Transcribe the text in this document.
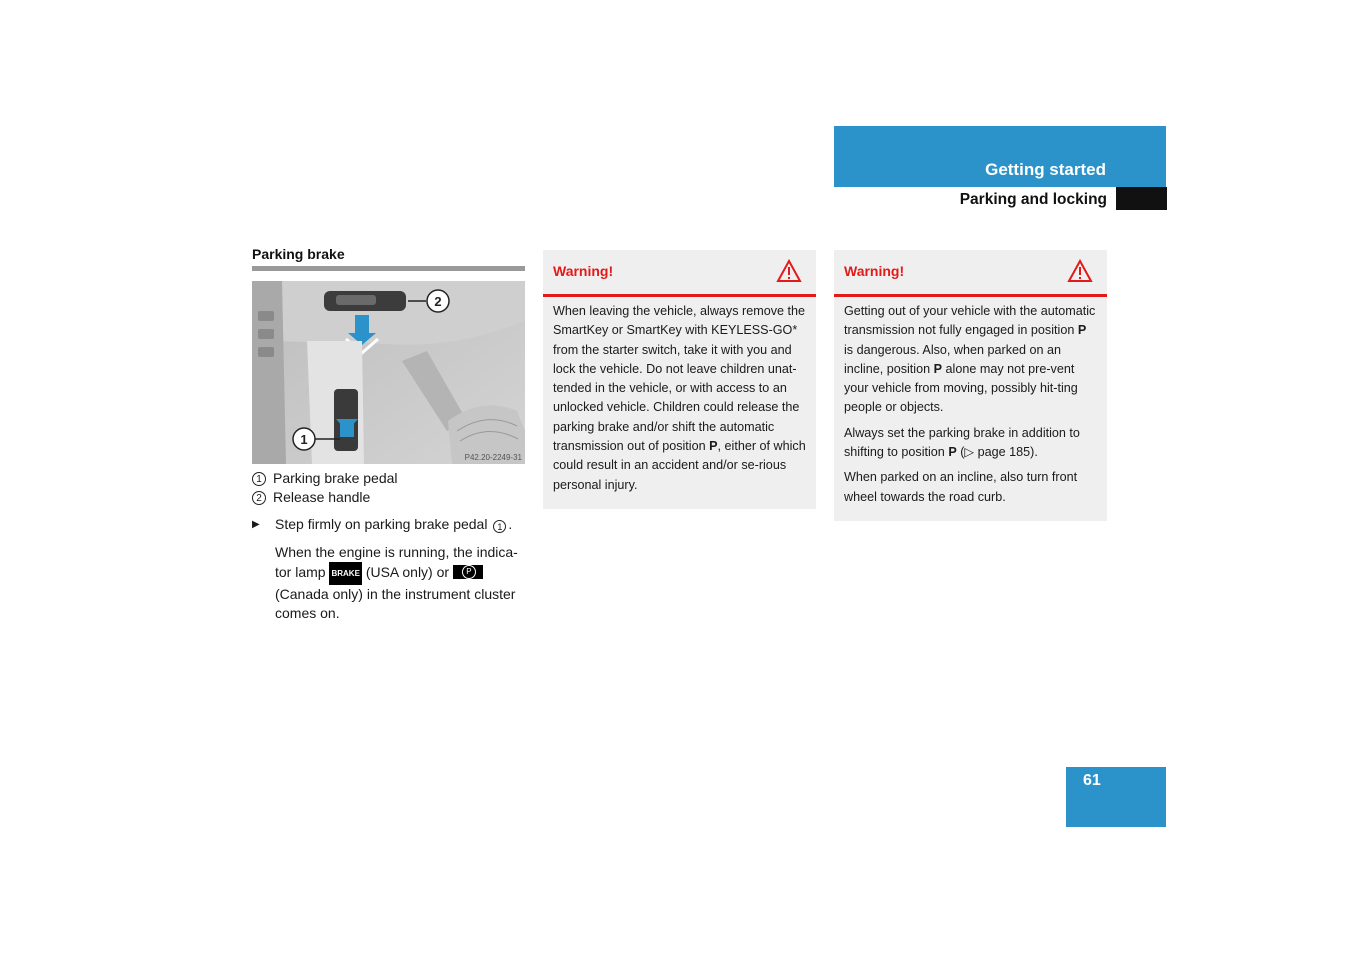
Getting started
Parking and locking
Parking brake
2
1
P42.20-2249-31
1 Parking brake pedal
2 Release handle
▶ Step firmly on parking brake pedal 1 .

When the engine is running, the indica-tor lamp BRAKE (USA only) or P (Canada only) in the instrument cluster comes on.

Warning!

When leaving the vehicle, always remove the SmartKey or SmartKey with KEYLESS-GO* from the starter switch, take it with you and lock the vehicle. Do not leave children unat-tended in the vehicle, or with access to an unlocked vehicle. Children could release the parking brake and/or shift the automatic transmission out of position P, either of which could result in an accident and/or se-rious personal injury.

Warning!

Getting out of your vehicle with the automatic transmission not fully engaged in position P is dangerous. Also, when parked on an incline, position P alone may not pre-vent your vehicle from moving, possibly hit-ting people or objects.

Always set the parking brake in addition to shifting to position P (▷ page 185).

When parked on an incline, also turn front wheel towards the road curb.

61
